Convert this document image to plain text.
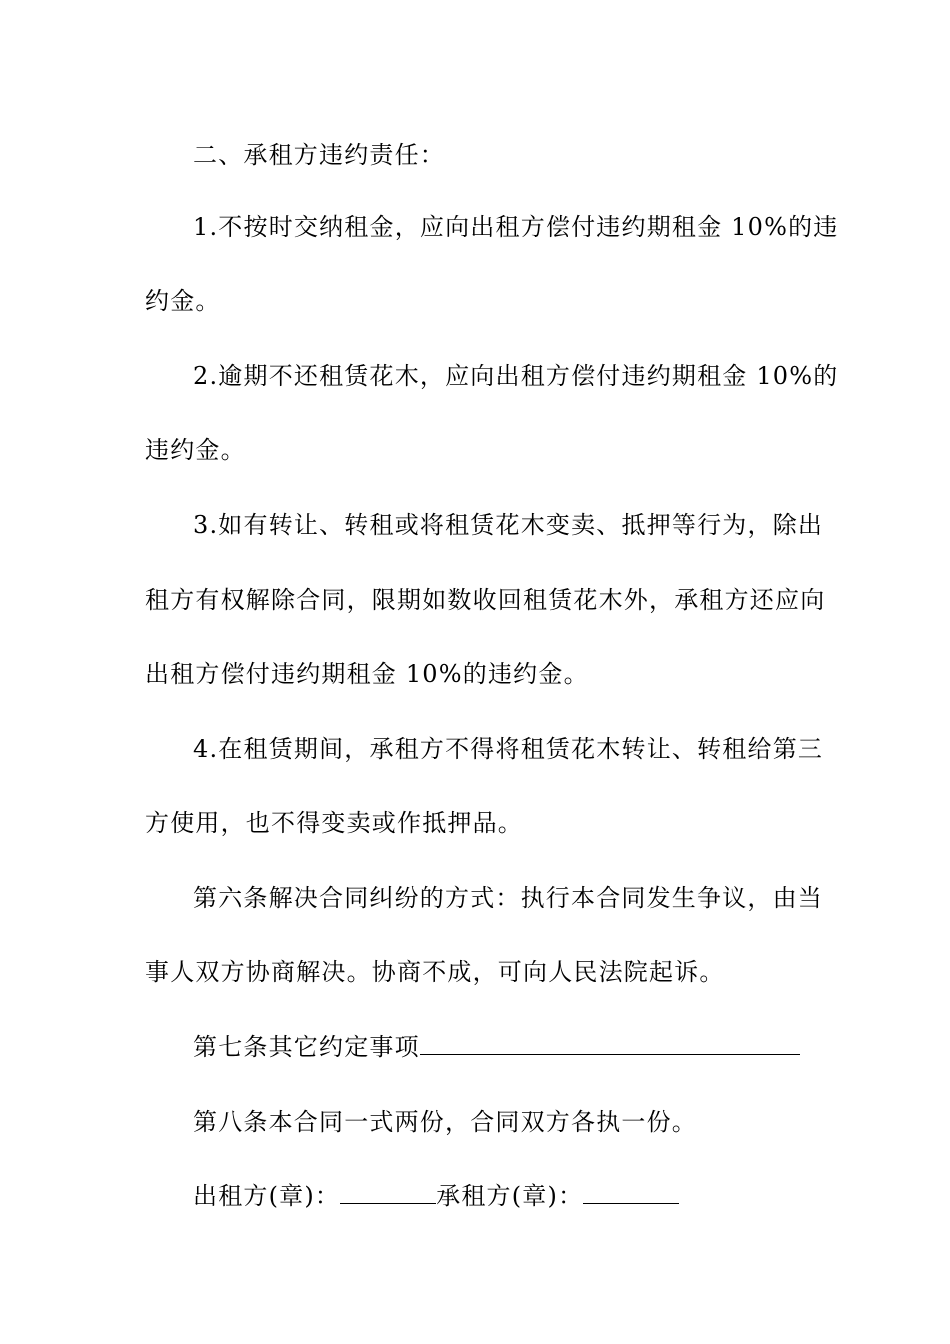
二、承租方违约责任：
1.不按时交纳租金，应向出租方偿付违约期租金 10%的违
约金。
2.逾期不还租赁花木，应向出租方偿付违约期租金 10%的
违约金。
3.如有转让、转租或将租赁花木变卖、抵押等行为，除出
租方有权解除合同，限期如数收回租赁花木外，承租方还应向
出租方偿付违约期租金 10%的违约金。
4.在租赁期间，承租方不得将租赁花木转让、转租给第三
方使用，也不得变卖或作抵押品。
第六条解决合同纠纷的方式：执行本合同发生争议，由当
事人双方协商解决。协商不成，可向人民法院起诉。
第七条其它约定事项
第八条本合同一式两份，合同双方各执一份。
出租方(章)：	承租方(章)：
